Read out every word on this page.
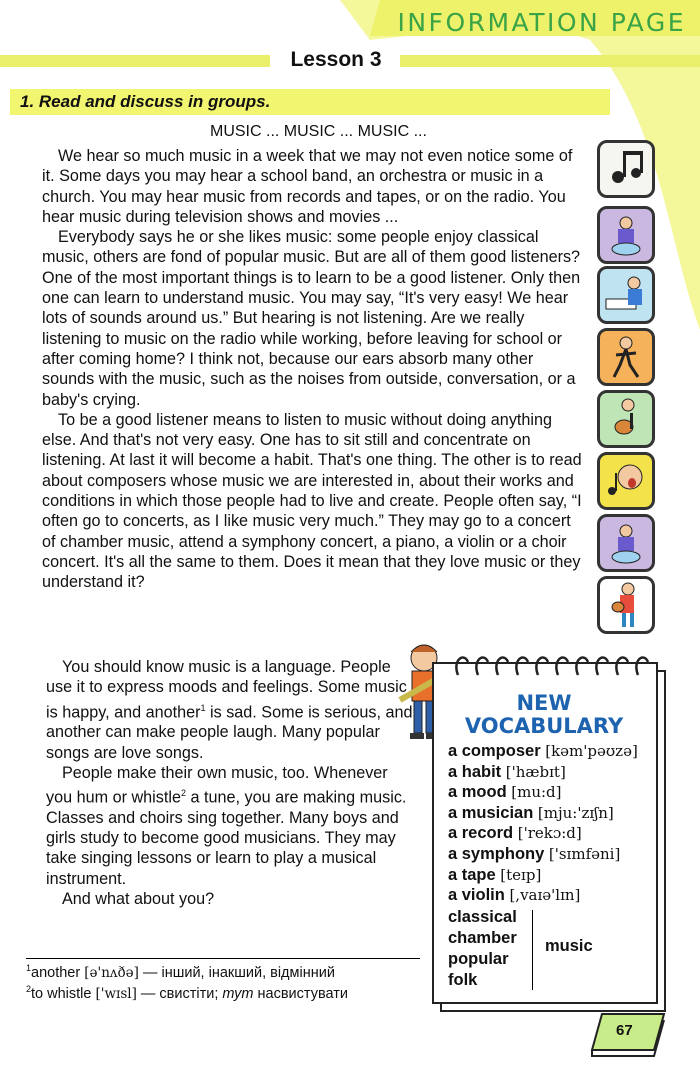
INFORMATION PAGE
Lesson 3
1. Read and discuss in groups.
MUSIC ... MUSIC ... MUSIC ...

We hear so much music in a week that we may not even notice some of it. Some days you may hear a school band, an orchestra or music in a church. You may hear music from records and tapes, or on the radio. You hear music during television shows and movies ...

Everybody says he or she likes music: some people enjoy classical music, others are fond of popular music. But are all of them good listeners? One of the most important things is to learn to be a good listener. Only then one can learn to understand music. You may say, “It's very easy! We hear lots of sounds around us.” But hearing is not listening. Are we really listening to music on the radio while working, before leaving for school or after coming home? I think not, because our ears absorb many other sounds with the music, such as the noises from outside, conversation, or a baby's crying.

To be a good listener means to listen to music without doing anything else. And that's not very easy. One has to sit still and concentrate on listening. At last it will become a habit. That's one thing. The other is to read about composers whose music we are interested in, about their works and conditions in which those people had to live and create. People often say, “I often go to concerts, as I like music very much.” They may go to a concert of chamber music, attend a symphony concert, a piano, a violin or a choir concert. It's all the same to them. Does it mean that they love music or they understand it?

You should know music is a language. People use it to express moods and feelings. Some music is happy, and another$^1$ is sad. Some is serious, and another can make people laugh. Many popular songs are love songs.

People make their own music, too. Whenever you hum or whistle$^2$ a tune, you are making music. Classes and choirs sing together. Many boys and girls study to become good musicians. They may take singing lessons or learn to play a musical instrument.

And what about you?

NEW
VOCABULARY
a composer [kəm'pəʊzə]
a habit ['hæbɪt]
a mood [mu:d]
a musician [mju:'zɪʃn]
a record ['rekɔ:d]
a symphony ['sɪmfəni]
a tape [teɪp]
a violin [,vaɪə'lɪn]
classical
chamber
popular
folk
music
$^1$another [ə'nʌðə] — інший, інакший, відмінний
$^2$to whistle ['wɪsl] — свистіти; тут насвистувати
67
